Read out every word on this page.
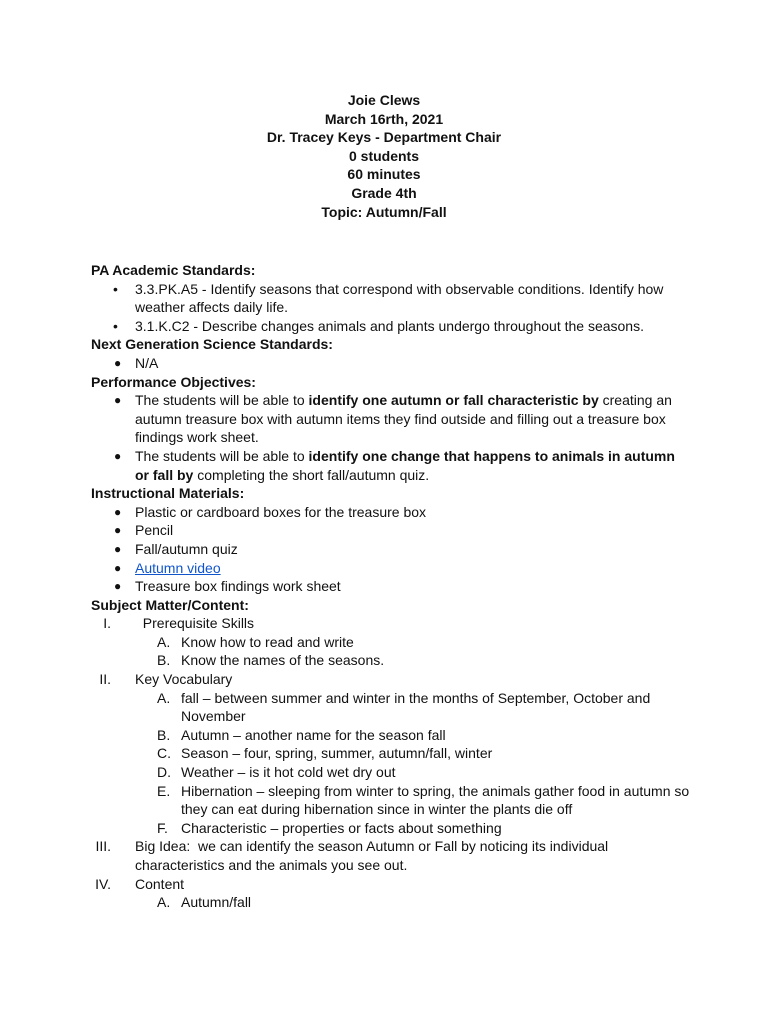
Joie Clews
March 16rth, 2021
Dr. Tracey Keys - Department Chair
0 students
60 minutes
Grade 4th
Topic: Autumn/Fall
PA Academic Standards:
• 3.3.PK.A5 - Identify seasons that correspond with observable conditions. Identify how weather affects daily life.
• 3.1.K.C2 - Describe changes animals and plants undergo throughout the seasons.
Next Generation Science Standards:
● N/A
Performance Objectives:
● The students will be able to identify one autumn or fall characteristic by creating an autumn treasure box with autumn items they find outside and filling out a treasure box findings work sheet.
● The students will be able to identify one change that happens to animals in autumn or fall by completing the short fall/autumn quiz.
Instructional Materials:
● Plastic or cardboard boxes for the treasure box
● Pencil
● Fall/autumn quiz
● Autumn video
● Treasure box findings work sheet
Subject Matter/Content:
I. Prerequisite Skills
A. Know how to read and write
B. Know the names of the seasons.
II. Key Vocabulary
A. fall – between summer and winter in the months of September, October and November
B. Autumn – another name for the season fall
C. Season – four, spring, summer, autumn/fall, winter
D. Weather – is it hot cold wet dry out
E. Hibernation – sleeping from winter to spring, the animals gather food in autumn so they can eat during hibernation since in winter the plants die off
F. Characteristic – properties or facts about something
III. Big Idea:  we can identify the season Autumn or Fall by noticing its individual characteristics and the animals you see out.
IV. Content
A. Autumn/fall
